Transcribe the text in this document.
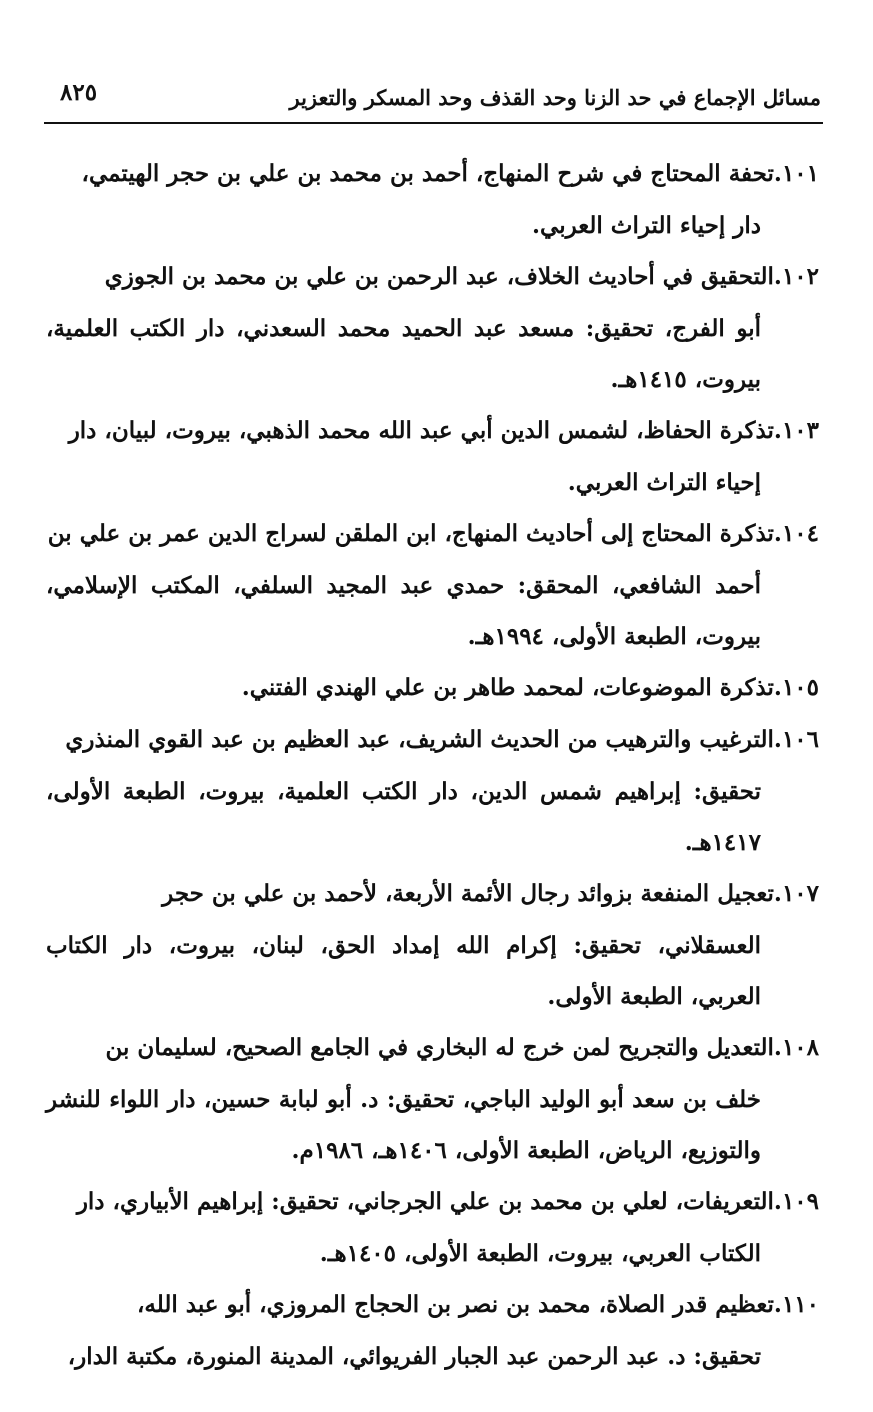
مسائل الإجماع في حد الزنا وحد القذف وحد المسكر والتعزير
٨٢٥
١٠١.تحفة المحتاج في شرح المنهاج، أحمد بن محمد بن علي بن حجر الهيتمي،
دار إحياء التراث العربي.
١٠٢.التحقيق في أحاديث الخلاف، عبد الرحمن بن علي بن محمد بن الجوزي
أبو الفرج، تحقيق: مسعد عبد الحميد محمد السعدني، دار الكتب العلمية، بيروت، ١٤١٥هـ.
١٠٣.تذكرة الحفاظ، لشمس الدين أبي عبد الله محمد الذهبي، بيروت، لبيان، دار
إحياء التراث العربي.
١٠٤.تذكرة المحتاج إلى أحاديث المنهاج، ابن الملقن لسراج الدين عمر بن علي بن
أحمد الشافعي، المحقق: حمدي عبد المجيد السلفي، المكتب الإسلامي، بيروت، الطبعة الأولى، ١٩٩٤هـ.
١٠٥.تذكرة الموضوعات، لمحمد طاهر بن علي الهندي الفتني.
١٠٦.الترغيب والترهيب من الحديث الشريف، عبد العظيم بن عبد القوي المنذري
تحقيق: إبراهيم شمس الدين، دار الكتب العلمية، بيروت، الطبعة الأولى، ١٤١٧هـ.
١٠٧.تعجيل المنفعة بزوائد رجال الأئمة الأربعة، لأحمد بن علي بن حجر
العسقلاني، تحقيق: إكرام الله إمداد الحق، لبنان، بيروت، دار الكتاب العربي، الطبعة الأولى.
١٠٨.التعديل والتجريح لمن خرج له البخاري في الجامع الصحيح، لسليمان بن
خلف بن سعد أبو الوليد الباجي، تحقيق: د. أبو لبابة حسين، دار اللواء للنشر والتوزيع، الرياض، الطبعة الأولى، ١٤٠٦هـ، ١٩٨٦م.
١٠٩.التعريفات، لعلي بن محمد بن علي الجرجاني، تحقيق: إبراهيم الأبياري، دار
الكتاب العربي، بيروت، الطبعة الأولى، ١٤٠٥هـ.
١١٠.تعظيم قدر الصلاة، محمد بن نصر بن الحجاج المروزي، أبو عبد الله،
تحقيق: د. عبد الرحمن عبد الجبار الفريوائي، المدينة المنورة، مكتبة الدار،
